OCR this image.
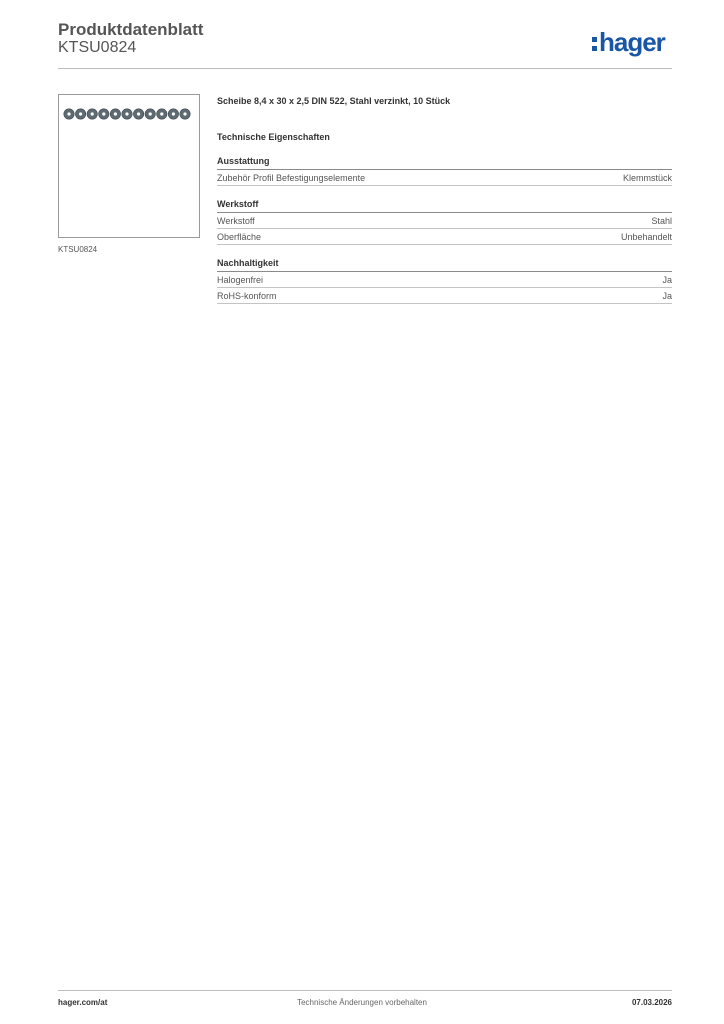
Produktdatenblatt
KTSU0824	hager
KTSU0824

Scheibe 8,4 x 30 x 2,5 DIN 522, Stahl verzinkt, 10 Stück

Technische Eigenschaften
Ausstattung
Zubehör Profil Befestigungselemente	Klemmstück
Werkstoff
Werkstoff	Stahl
Oberfläche	Unbehandelt
Nachhaltigkeit
Halogenfrei	Ja
RoHS-konform	Ja
hager.com/at	Technische Änderungen vorbehalten	07.03.2026
